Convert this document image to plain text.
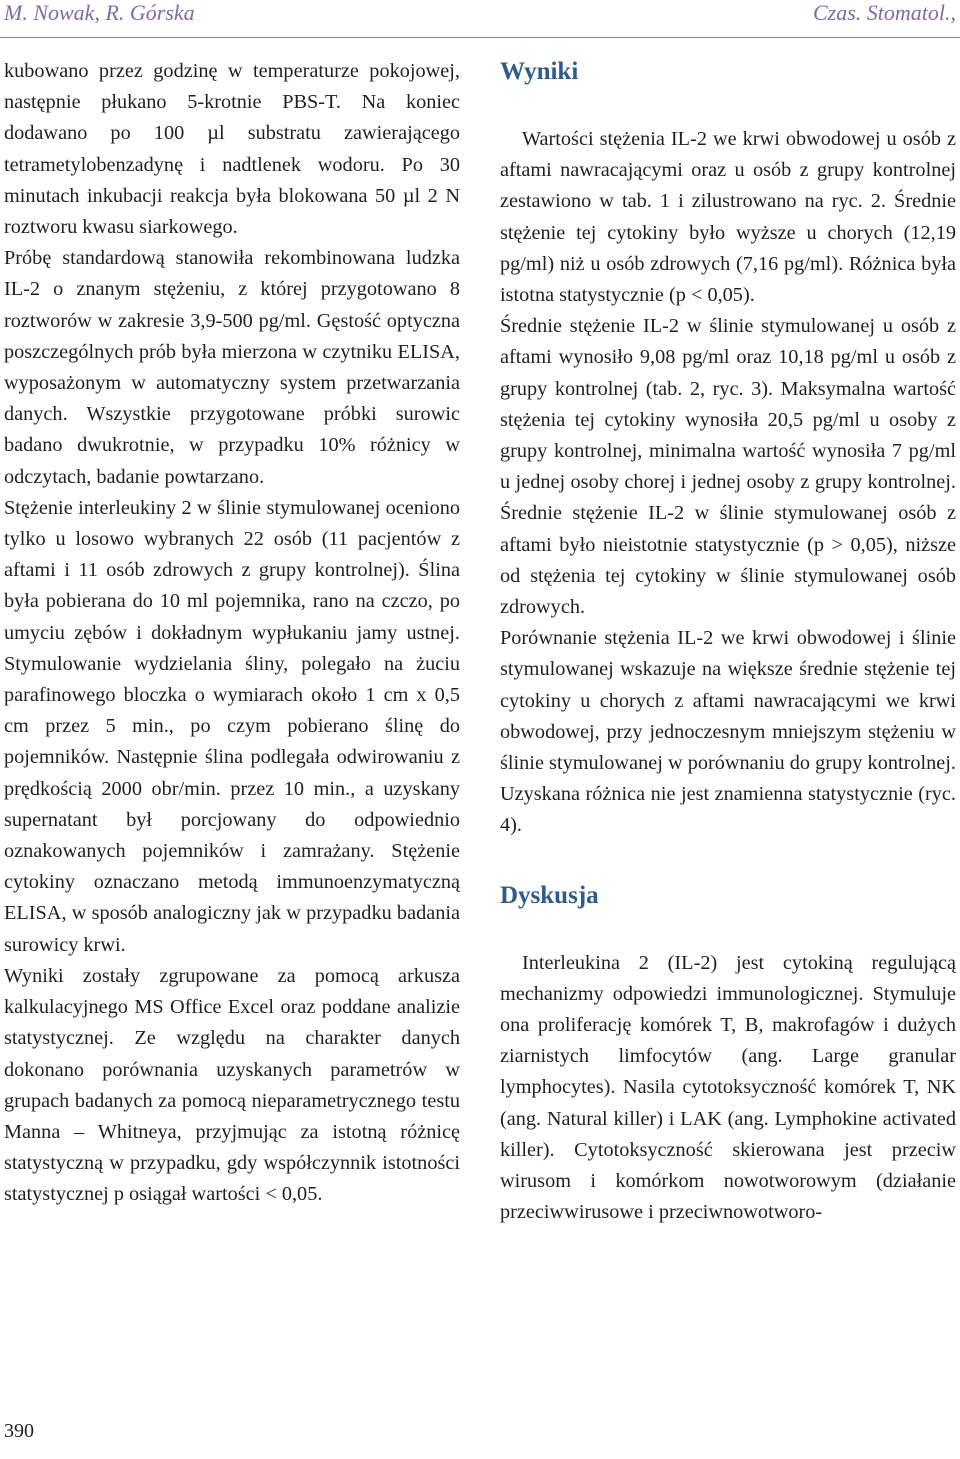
M. Nowak, R. Górska	Czas. Stomatol.,

kubowano przez godzinę w temperaturze pokojowej, następnie płukano 5-krotnie PBS-T. Na koniec dodawano po 100 µl substratu zawierającego tetrametylobenzadynę i nadtlenek wodoru. Po 30 minutach inkubacji reakcja była blokowana 50 µl 2 N roztworu kwasu siarkowego.

Próbę standardową stanowiła rekombinowana ludzka IL-2 o znanym stężeniu, z której przygotowano 8 roztworów w zakresie 3,9-500 pg/ml. Gęstość optyczna poszczególnych prób była mierzona w czytniku ELISA, wyposażonym w automatyczny system przetwarzania danych. Wszystkie przygotowane próbki surowic badano dwukrotnie, w przypadku 10% różnicy w odczytach, badanie powtarzano.

Stężenie interleukiny 2 w ślinie stymulowanej oceniono tylko u losowo wybranych 22 osób (11 pacjentów z aftami i 11 osób zdrowych z grupy kontrolnej). Ślina była pobierana do 10 ml pojemnika, rano na czczo, po umyciu zębów i dokładnym wypłukaniu jamy ustnej. Stymulowanie wydzielania śliny, polegało na żuciu parafinowego bloczka o wymiarach około 1 cm x 0,5 cm przez 5 min., po czym pobierano ślinę do pojemników. Następnie ślina podlegała odwirowaniu z prędkością 2000 obr/min. przez 10 min., a uzyskany supernatant był porcjowany do odpowiednio oznakowanych pojemników i zamrażany. Stężenie cytokiny oznaczano metodą immunoenzymatyczną ELISA, w sposób analogiczny jak w przypadku badania surowicy krwi.

Wyniki zostały zgrupowane za pomocą arkusza kalkulacyjnego MS Office Excel oraz poddane analizie statystycznej. Ze względu na charakter danych dokonano porównania uzyskanych parametrów w grupach badanych za pomocą nieparametrycznego testu Manna – Whitneya, przyjmując za istotną różnicę statystyczną w przypadku, gdy współczynnik istotności statystycznej p osiągał wartości < 0,05.

Wyniki

Wartości stężenia IL-2 we krwi obwodowej u osób z aftami nawracającymi oraz u osób z grupy kontrolnej zestawiono w tab. 1 i zilustrowano na ryc. 2. Średnie stężenie tej cytokiny było wyższe u chorych (12,19 pg/ml) niż u osób zdrowych (7,16 pg/ml). Różnica była istotna statystycznie (p < 0,05).

Średnie stężenie IL-2 w ślinie stymulowanej u osób z aftami wynosiło 9,08 pg/ml oraz 10,18 pg/ml u osób z grupy kontrolnej (tab. 2, ryc. 3). Maksymalna wartość stężenia tej cytokiny wynosiła 20,5 pg/ml u osoby z grupy kontrolnej, minimalna wartość wynosiła 7 pg/ml u jednej osoby chorej i jednej osoby z grupy kontrolnej. Średnie stężenie IL-2 w ślinie stymulowanej osób z aftami było nieistotnie statystycznie (p > 0,05), niższe od stężenia tej cytokiny w ślinie stymulowanej osób zdrowych.

Porównanie stężenia IL-2 we krwi obwodowej i ślinie stymulowanej wskazuje na większe średnie stężenie tej cytokiny u chorych z aftami nawracającymi we krwi obwodowej, przy jednoczesnym mniejszym stężeniu w ślinie stymulowanej w porównaniu do grupy kontrolnej. Uzyskana różnica nie jest znamienna statystycznie (ryc. 4).

Dyskusja

Interleukina 2 (IL-2) jest cytokiną regulującą mechanizmy odpowiedzi immunologicznej. Stymuluje ona proliferację komórek T, B, makrofagów i dużych ziarnistych limfocytów (ang. Large granular lymphocytes). Nasila cytotoksyczność komórek T, NK (ang. Natural killer) i LAK (ang. Lymphokine activated killer). Cytotoksyczność skierowana jest przeciw wirusom i komórkom nowotworowym (działanie przeciwwirusowe i przeciwnowotworo-

390
